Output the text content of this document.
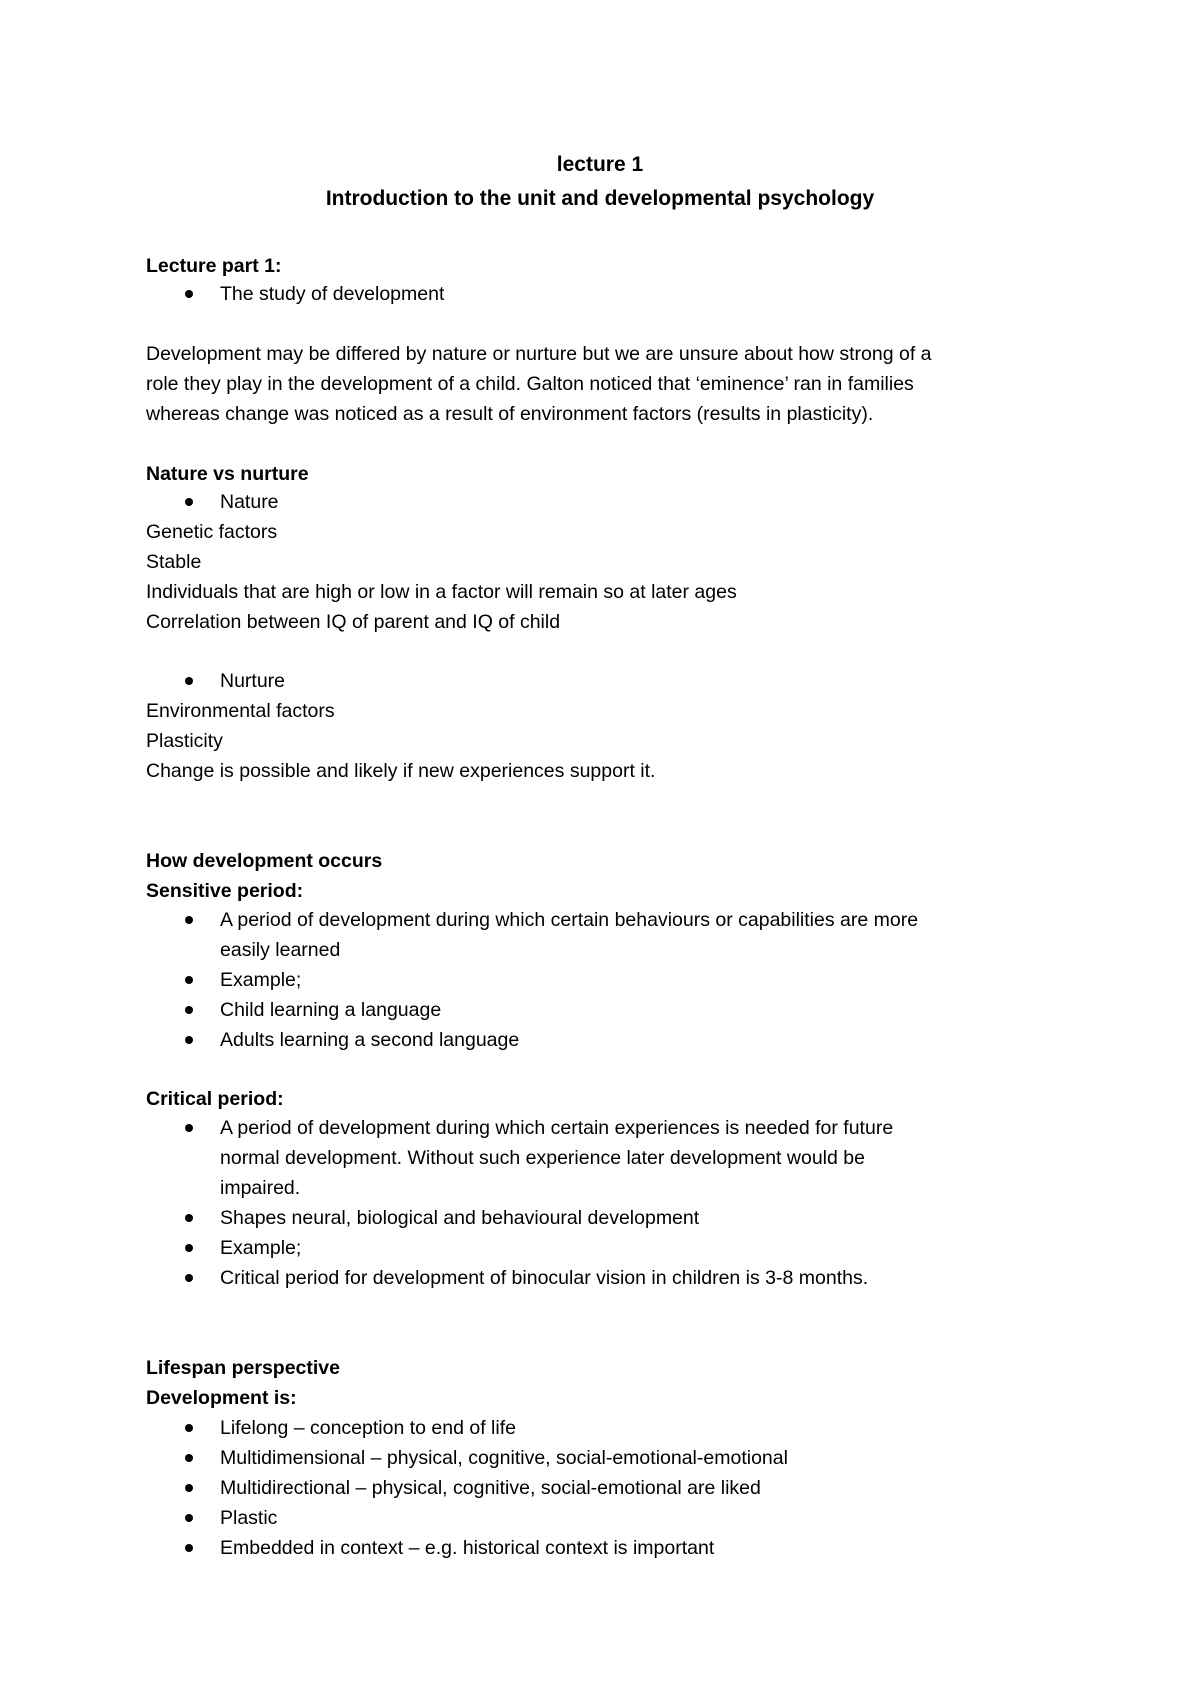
lecture 1
Introduction to the unit and developmental psychology
Lecture part 1:
The study of development
Development may be differed by nature or nurture but we are unsure about how strong of a
role they play in the development of a child. Galton noticed that ‘eminence’ ran in families
whereas change was noticed as a result of environment factors (results in plasticity).
Nature vs nurture
Nature
Genetic factors
Stable
Individuals that are high or low in a factor will remain so at later ages
Correlation between IQ of parent and IQ of child
Nurture
Environmental factors
Plasticity
Change is possible and likely if new experiences support it.
How development occurs
Sensitive period:
A period of development during which certain behaviours or capabilities are more
easily learned
Example;
Child learning a language
Adults learning a second language
Critical period:
A period of development during which certain experiences is needed for future
normal development. Without such experience later development would be
impaired.
Shapes neural, biological and behavioural development
Example;
Critical period for development of binocular vision in children is 3-8 months.
Lifespan perspective
Development is:
Lifelong – conception to end of life
Multidimensional – physical, cognitive, social-emotional-emotional
Multidirectional – physical, cognitive, social-emotional are liked
Plastic
Embedded in context – e.g. historical context is important
